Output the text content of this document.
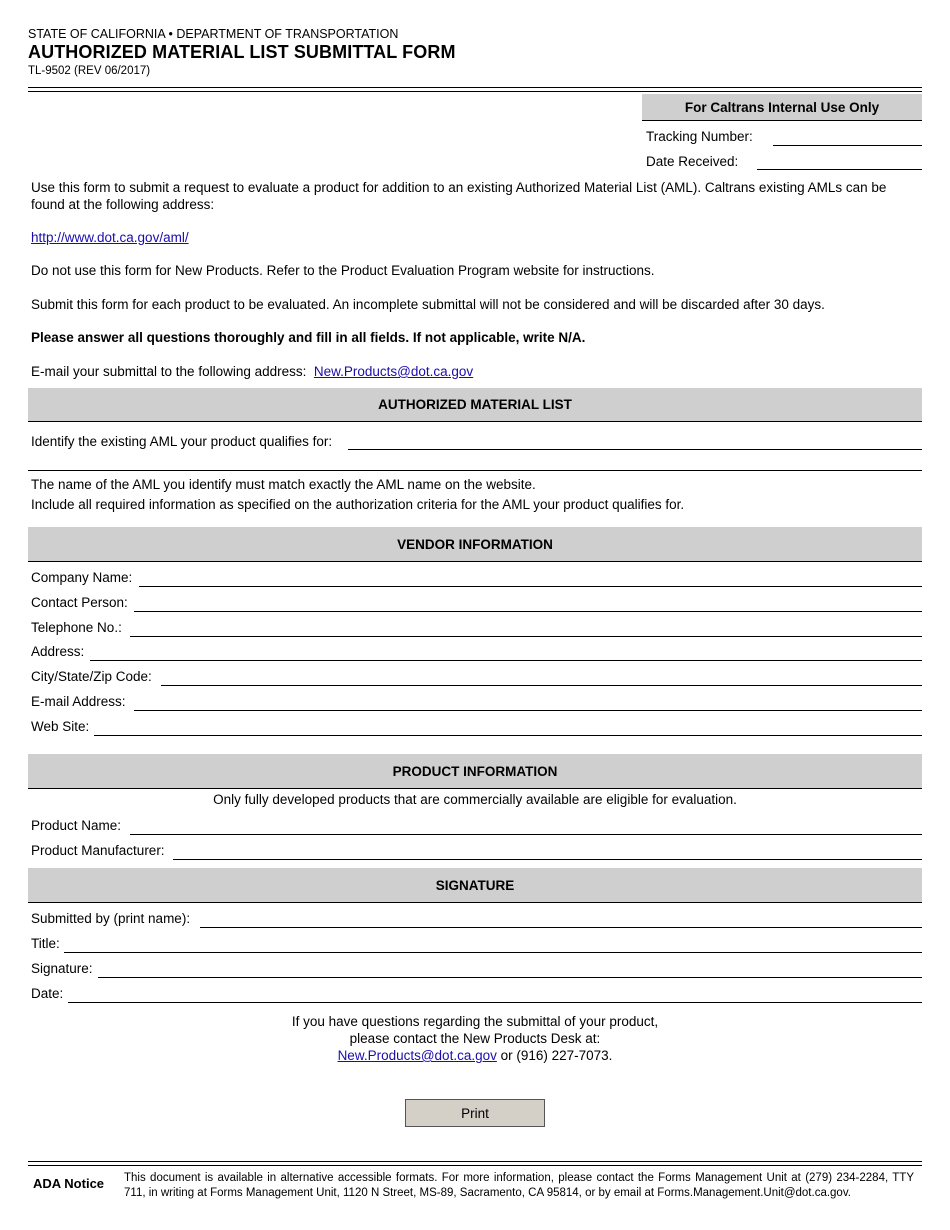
STATE OF CALIFORNIA • DEPARTMENT OF TRANSPORTATION
AUTHORIZED MATERIAL LIST SUBMITTAL FORM
TL-9502 (REV 06/2017)
For Caltrans Internal Use Only
Tracking Number:
Date Received:
Use this form to submit a request to evaluate a product for addition to an existing Authorized Material List (AML). Caltrans existing AMLs can be found at the following address:
http://www.dot.ca.gov/aml/
Do not use this form for New Products. Refer to the Product Evaluation Program website for instructions.
Submit this form for each product to be evaluated. An incomplete submittal will not be considered and will be discarded after 30 days.
Please answer all questions thoroughly and fill in all fields. If not applicable, write N/A.
E-mail your submittal to the following address: New.Products@dot.ca.gov
AUTHORIZED MATERIAL LIST
Identify the existing AML your product qualifies for:
The name of the AML you identify must match exactly the AML name on the website.
Include all required information as specified on the authorization criteria for the AML your product qualifies for.
VENDOR INFORMATION
Company Name:
Contact Person:
Telephone No.:
Address:
City/State/Zip Code:
E-mail Address:
Web Site:
PRODUCT INFORMATION
Only fully developed products that are commercially available are eligible for evaluation.
Product Name:
Product Manufacturer:
SIGNATURE
Submitted by (print name):
Title:
Signature:
Date:
If you have questions regarding the submittal of your product,
please contact the New Products Desk at:
New.Products@dot.ca.gov or (916) 227-7073.
Print
ADA Notice This document is available in alternative accessible formats. For more information, please contact the Forms Management Unit at (279) 234-2284, TTY 711, in writing at Forms Management Unit, 1120 N Street, MS-89, Sacramento, CA 95814, or by email at Forms.Management.Unit@dot.ca.gov.
